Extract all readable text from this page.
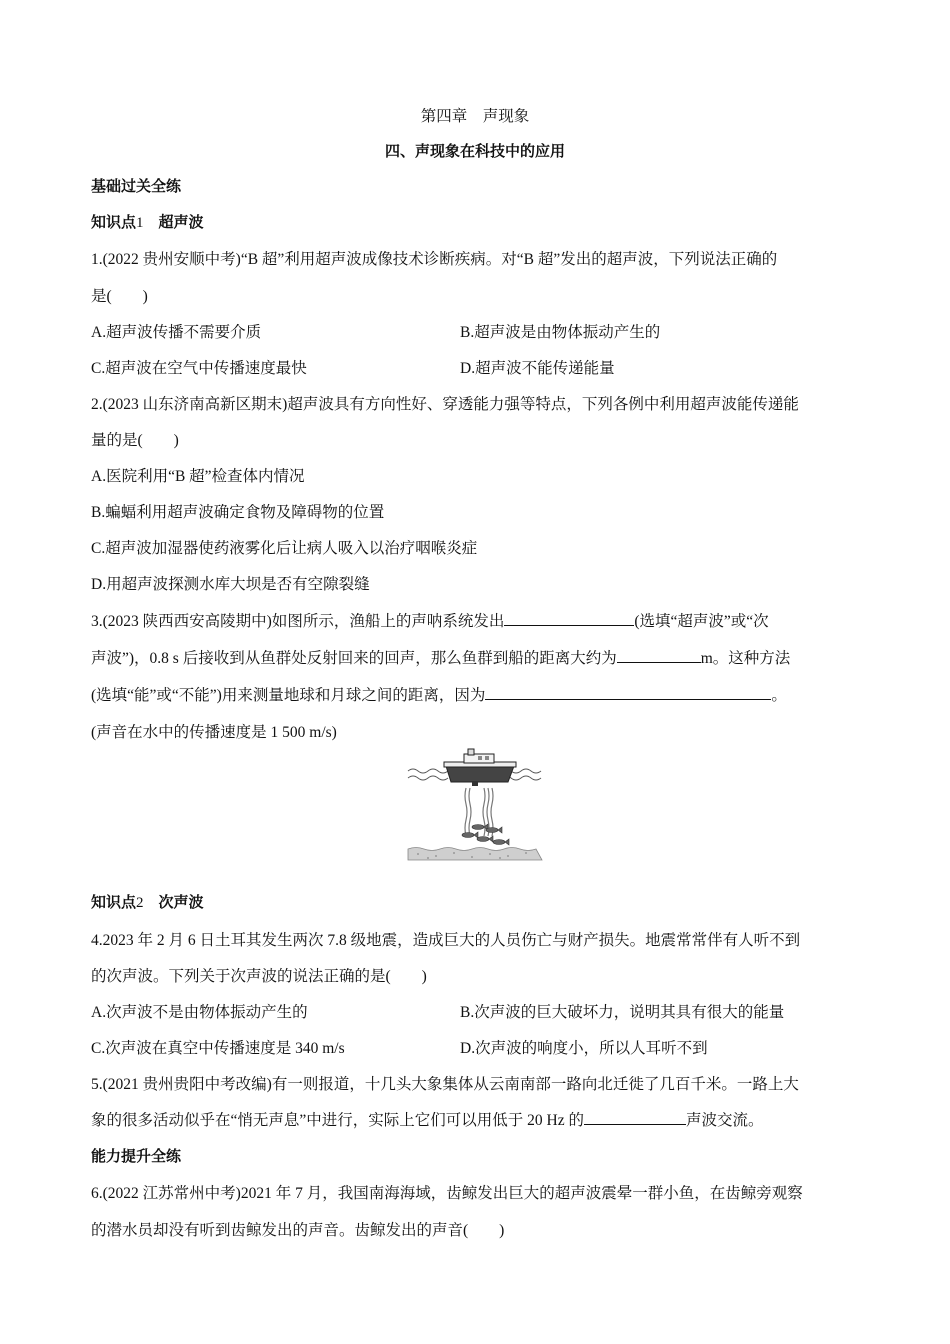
第四章　声现象
四、声现象在科技中的应用
基础过关全练
知识点1　 超声波
1.(2022 贵州安顺中考)“B 超”利用超声波成像技术诊断疾病。对“B 超”发出的超声波，下列说法正确的
是(　　)
A.超声波传播不需要介质	B.超声波是由物体振动产生的
C.超声波在空气中传播速度最快	D.超声波不能传递能量
2.(2023 山东济南高新区期末)超声波具有方向性好、穿透能力强等特点，下列各例中利用超声波能传递能
量的是(　　)
A.医院利用“B 超”检查体内情况
B.蝙蝠利用超声波确定食物及障碍物的位置
C.超声波加湿器使药液雾化后让病人吸入以治疗咽喉炎症
D.用超声波探测水库大坝是否有空隙裂缝
3.(2023 陕西西安高陵期中)如图所示，渔船上的声呐系统发出	(选填“超声波”或“次
声波”)，0.8 s 后接收到从鱼群处反射回来的回声，那么鱼群到船的距离大约为	m。这种方法
(选填“能”或“不能”)用来测量地球和月球之间的距离，因为	。
(声音在水中的传播速度是 1 500 m/s)
知识点2　 次声波
4.2023 年 2 月 6 日土耳其发生两次 7.8 级地震，造成巨大的人员伤亡与财产损失。地震常常伴有人听不到
的次声波。下列关于次声波的说法正确的是(　　)
A.次声波不是由物体振动产生的	B.次声波的巨大破坏力，说明其具有很大的能量
C.次声波在真空中传播速度是 340 m/s	D.次声波的响度小，所以人耳听不到
5.(2021 贵州贵阳中考改编)有一则报道，十几头大象集体从云南南部一路向北迁徙了几百千米。一路上大
象的很多活动似乎在“悄无声息”中进行，实际上它们可以用低于 20 Hz 的	声波交流。
能力提升全练
6.(2022 江苏常州中考)2021 年 7 月，我国南海海域，齿鲸发出巨大的超声波震晕一群小鱼，在齿鲸旁观察
的潜水员却没有听到齿鲸发出的声音。齿鲸发出的声音(　　)
